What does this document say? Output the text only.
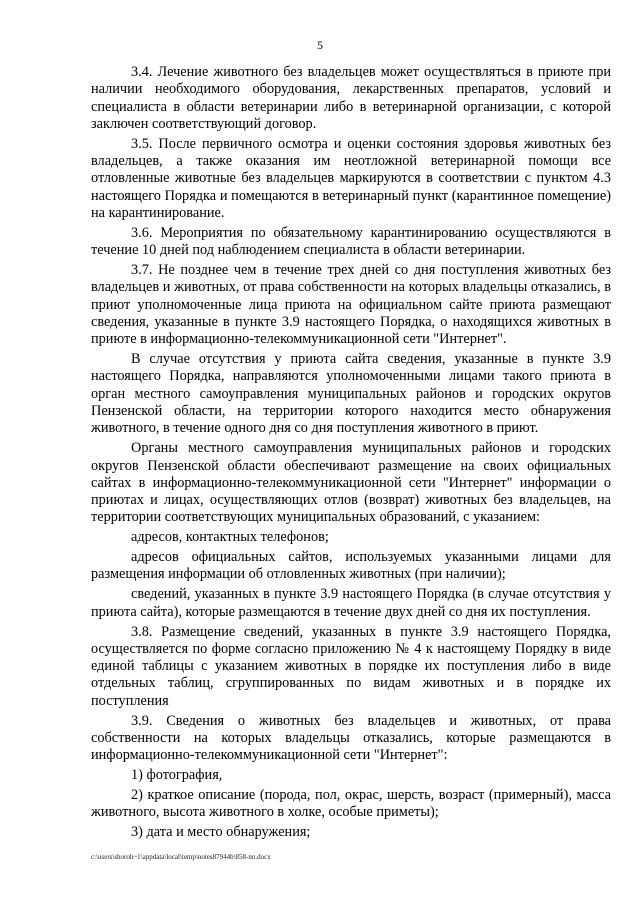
5

3.4. Лечение животного без владельцев может осуществляться в приюте при наличии необходимого оборудования, лекарственных препаратов, условий и специалиста в области ветеринарии либо в ветеринарной организации, с которой заключен соответствующий договор.

3.5. После первичного осмотра и оценки состояния здоровья животных без владельцев, а также оказания им неотложной ветеринарной помощи все отловленные животные без владельцев маркируются в соответствии с пунктом 4.3 настоящего Порядка и помещаются в ветеринарный пункт (карантинное помещение) на карантинирование.

3.6. Мероприятия по обязательному карантинированию осуществляются в течение 10 дней под наблюдением специалиста в области ветеринарии.

3.7. Не позднее чем в течение трех дней со дня поступления животных без владельцев и животных, от права собственности на которых владельцы отказались, в приют уполномоченные лица приюта на официальном сайте приюта размещают сведения, указанные в пункте 3.9 настоящего Порядка, о находящихся животных в приюте в информационно-телекоммуникационной сети "Интернет".

В случае отсутствия у приюта сайта сведения, указанные в пункте 3.9 настоящего Порядка, направляются уполномоченными лицами такого приюта в орган местного самоуправления муниципальных районов и городских округов Пензенской области, на территории которого находится место обнаружения животного, в течение одного дня со дня поступления животного в приют.

Органы местного самоуправления муниципальных районов и городских округов Пензенской области обеспечивают размещение на своих официальных сайтах в информационно-телекоммуникационной сети "Интернет" информации о приютах и лицах, осуществляющих отлов (возврат) животных без владельцев, на территории соответствующих муниципальных образований, с указанием:

адресов, контактных телефонов;

адресов официальных сайтов, используемых указанными лицами для размещения информации об отловленных животных (при наличии);

сведений, указанных в пункте 3.9 настоящего Порядка (в случае отсутствия у приюта сайта), которые размещаются в течение двух дней со дня их поступления.

3.8. Размещение сведений, указанных в пункте 3.9 настоящего Порядка, осуществляется по форме согласно приложению № 4 к настоящему Порядку в виде единой таблицы с указанием животных в порядке их поступления либо в виде отдельных таблиц, сгруппированных по видам животных и в порядке их поступления

3.9. Сведения о животных без владельцев и животных, от права собственности на которых владельцы отказались, которые размещаются в информационно-телекоммуникационной сети "Интернет":

1) фотография,

2) краткое описание (порода, пол, окрас, шерсть, возраст (примерный), масса животного, высота животного в холке, особые приметы);

3) дата и место обнаружения;

c:\users\shoroh~1\appdata\local\temp\notes87944b\858-nn.docx
